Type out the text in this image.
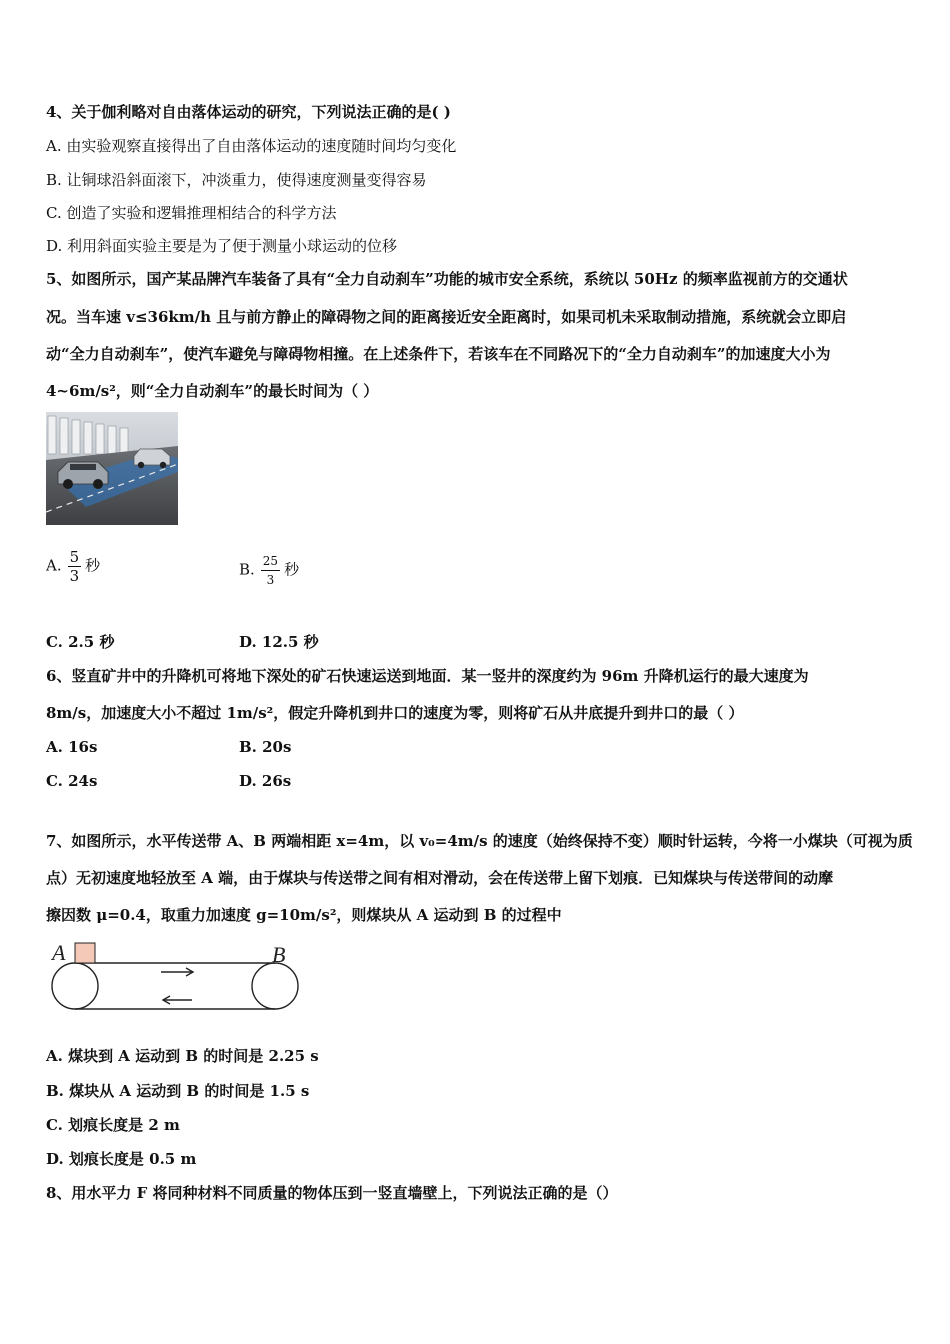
4、关于伽利略对自由落体运动的研究，下列说法正确的是( )
A. 由实验观察直接得出了自由落体运动的速度随时间均匀变化
B. 让铜球沿斜面滚下，冲淡重力，使得速度测量变得容易
C. 创造了实验和逻辑推理相结合的科学方法
D. 利用斜面实验主要是为了便于测量小球运动的位移
5、如图所示，国产某品牌汽车装备了具有“全力自动刹车”功能的城市安全系统，系统以 50Hz 的频率监视前方的交通状
况。当车速 v≤36km/h 且与前方静止的障碍物之间的距离接近安全距离时，如果司机未采取制动措施，系统就会立即启
动“全力自动刹车”，使汽车避免与障碍物相撞。在上述条件下，若该车在不同路况下的“全力自动刹车”的加速度大小为
4~6m/s²，则“全力自动刹车”的最长时间为（ ）
A. $\frac{5}{3}$ 秒	B. $\frac{25}{3}$ 秒
C. 2.5 秒	D. 12.5 秒
6、竖直矿井中的升降机可将地下深处的矿石快速运送到地面．某一竖井的深度约为 96m 升降机运行的最大速度为
8m/s，加速度大小不超过 1m/s²，假定升降机到井口的速度为零，则将矿石从井底提升到井口的最（ ）
A. 16s	B. 20s
C. 24s	D. 26s
7、如图所示，水平传送带 A、B 两端相距 x=4m，以 v₀=4m/s 的速度（始终保持不变）顺时针运转，今将一小煤块（可视为质
点）无初速度地轻放至 A 端，由于煤块与传送带之间有相对滑动，会在传送带上留下划痕．已知煤块与传送带间的动摩
擦因数 μ=0.4，取重力加速度 g=10m/s²，则煤块从 A 运动到 B 的过程中
A	B
A. 煤块到 A 运动到 B 的时间是 2.25 s
B. 煤块从 A 运动到 B 的时间是 1.5 s
C. 划痕长度是 2 m
D. 划痕长度是 0.5 m
8、用水平力 F 将同种材料不同质量的物体压到一竖直墙壁上，下列说法正确的是（）
